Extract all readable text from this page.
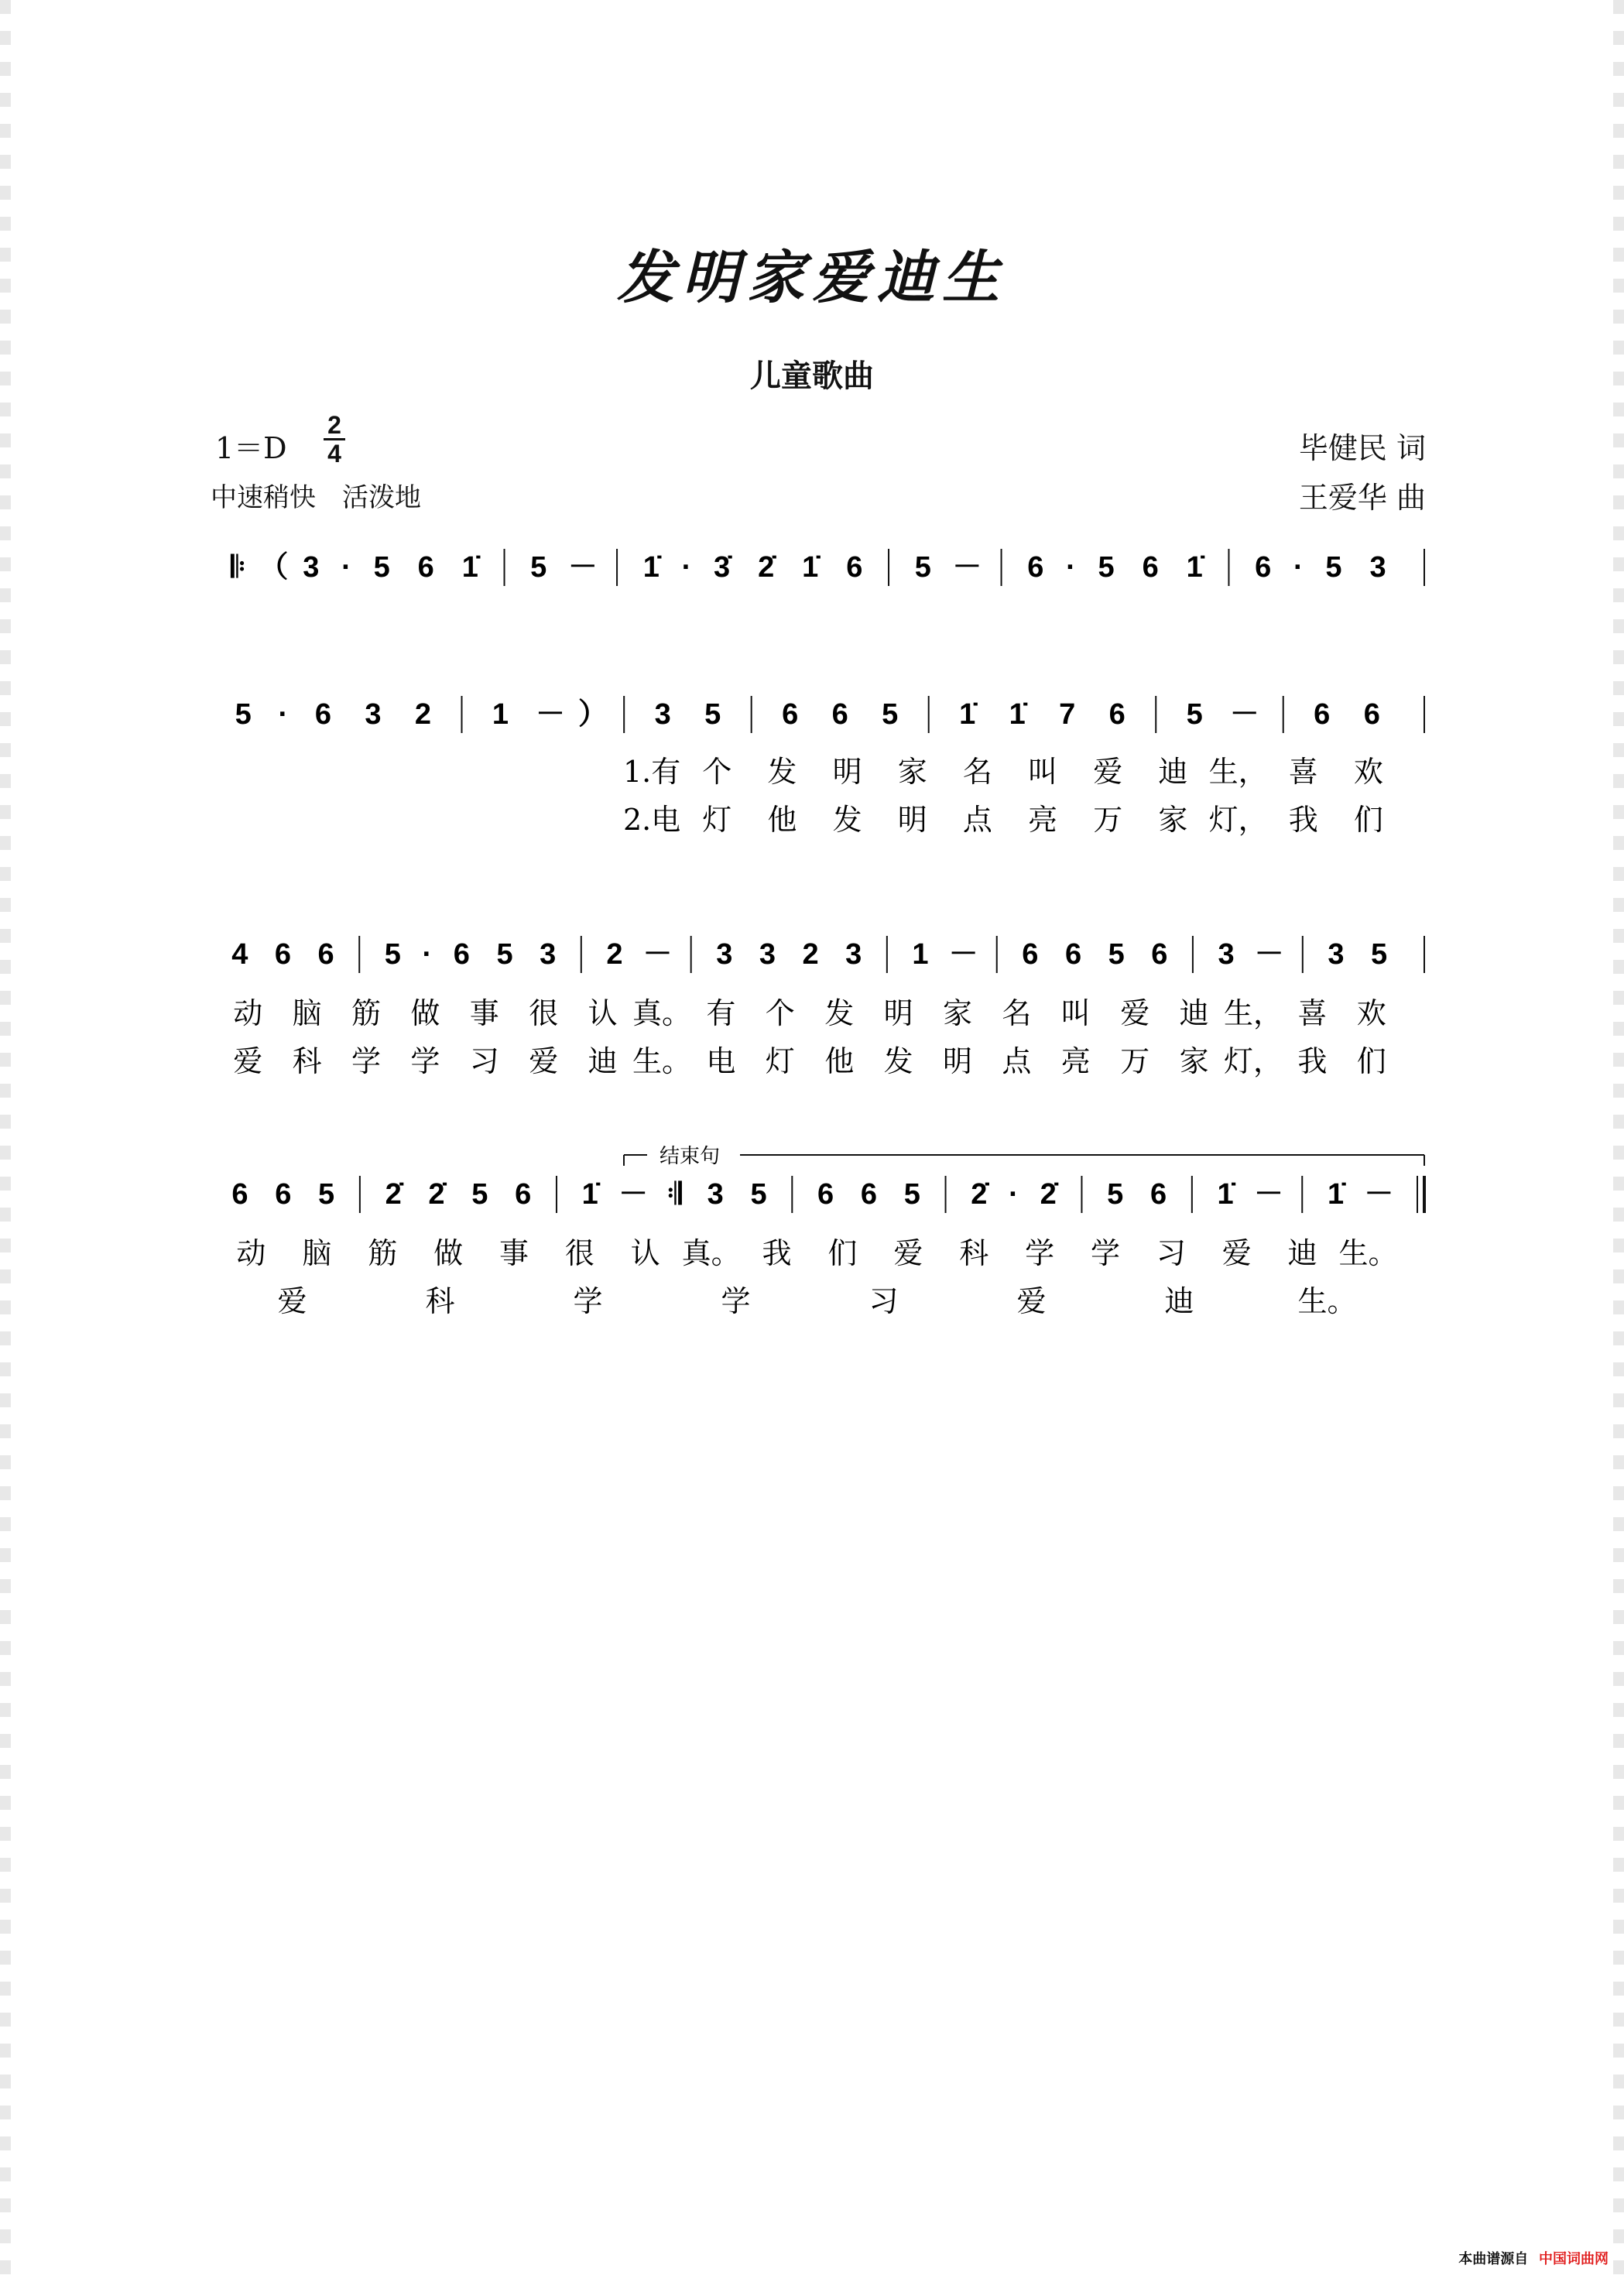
发明家爱迪生
儿童歌曲
1＝D
2
4
中速稍快　活泼地
毕健民 词
王爱华 曲
结束句
𝄆 （ 3 · 5 6 1̇ 5 － 1̇ · 3̇ 2̇ 1̇ 6 5 － 6 · 5 6 1̇ 6 · 5 3
5 · 6 3 2 1 － ） 3 5 6 6 5 1̇ 1̇ 7 6 5 － 6 6
1.有 个 发 明 家 名 叫 爱 迪 生， 喜 欢
2.电 灯 他 发 明 点 亮 万 家 灯， 我 们
4 6 6 5 · 6 5 3 2 － 3 3 2 3 1 － 6 6 5 6 3 － 3 5
动 脑 筋 做 事 很 认 真。 有 个 发 明 家 名 叫 爱 迪 生， 喜 欢
爱 科 学 学 习 爱 迪 生。 电 灯 他 发 明 点 亮 万 家 灯， 我 们
6 6 5 2̇ 2̇ 5 6 1̇ － 𝄇 3 5 6 6 5 2̇ · 2̇ 5 6 1̇ － 1̇ －
动 脑 筋 做 事 很 认 真。 我 们 爱 科 学 学 习 爱 迪 生。
爱	科	学	学	习	爱	迪	生。
本曲谱源自 中国词曲网
